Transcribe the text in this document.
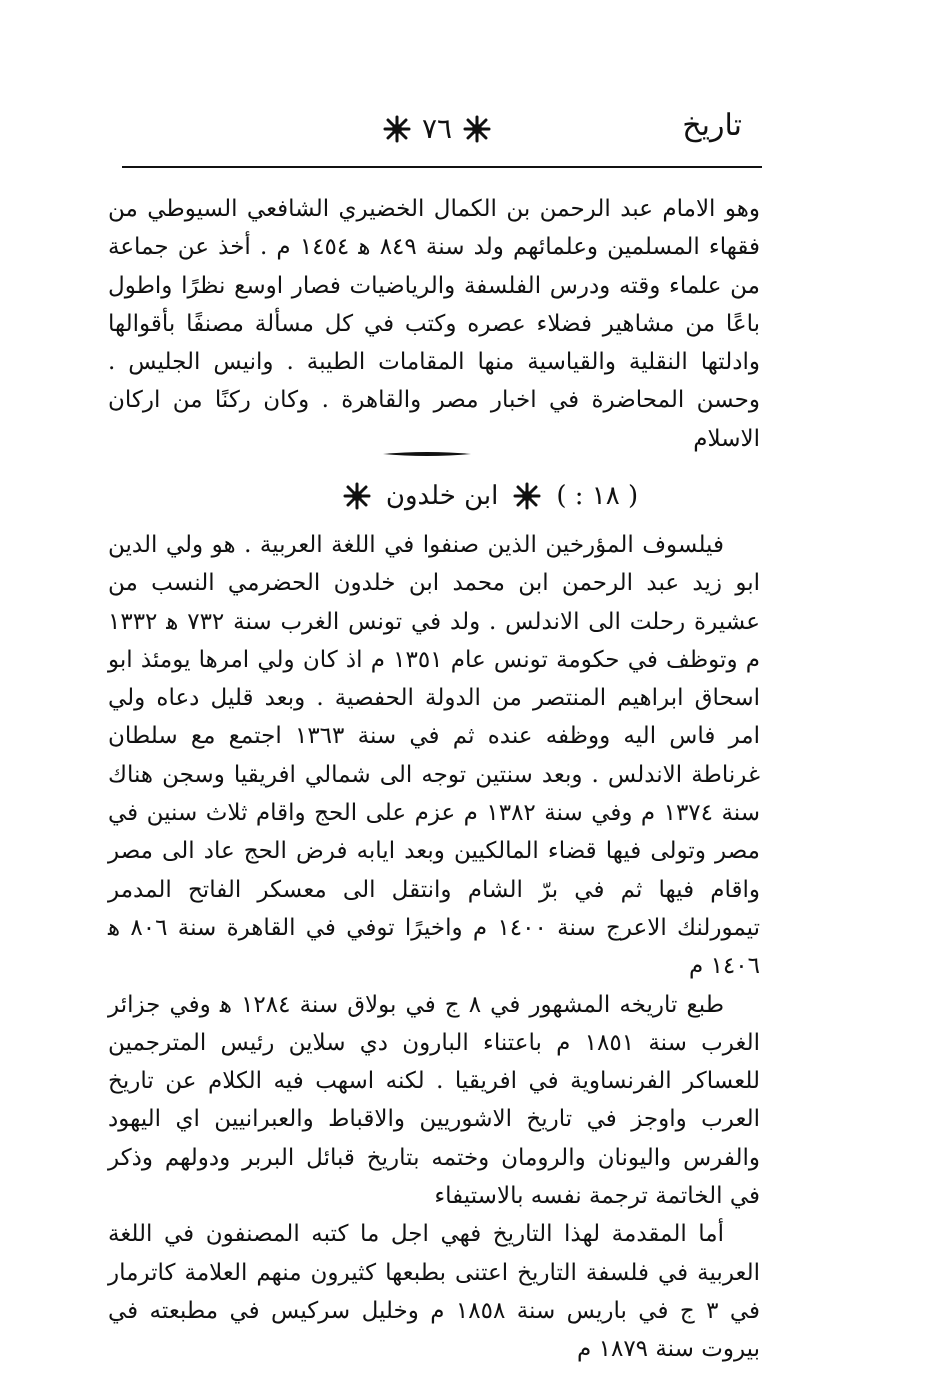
تاريخ
٧٦

وهو الامام عبد الرحمن بن الكمال الخضيري الشافعي السيوطي من فقهاء المسلمين وعلمائهم ولد سنة ٨٤٩ ﻫ ١٤٥٤ م . أخذ عن جماعة من علماء وقته ودرس الفلسفة والرياضيات فصار اوسع نظرًا واطول باعًا من مشاهير فضلاء عصره وكتب في كل مسألة مصنفًا بأقوالها وادلتها النقلية والقياسية منها المقامات الطيبة . وانيس الجليس . وحسن المحاضرة في اخبار مصر والقاهرة . وكان ركنًا من اركان الاسلام

( ١٨ : )
ابن خلدون

فيلسوف المؤرخين الذين صنفوا في اللغة العربية . هو ولي الدين ابو زيد عبد الرحمن ابن محمد ابن خلدون الحضرمي النسب من عشيرة رحلت الى الاندلس . ولد في تونس الغرب سنة ٧٣٢ ﻫ ١٣٣٢ م وتوظف في حكومة تونس عام ١٣٥١ م اذ كان ولي امرها يومئذ ابو اسحاق ابراهيم المنتصر من الدولة الحفصية . وبعد قليل دعاه ولي امر فاس اليه ووظفه عنده ثم في سنة ١٣٦٣ اجتمع مع سلطان غرناطة الاندلس . وبعد سنتين توجه الى شمالي افريقيا وسجن هناك سنة ١٣٧٤ م وفي سنة ١٣٨٢ م عزم على الحج واقام ثلاث سنين في مصر وتولى فيها قضاء المالكيين وبعد ايابه فرض الحج عاد الى مصر واقام فيها ثم في برّ الشام وانتقل الى معسكر الفاتح المدمر تيمورلنك الاعرج سنة ١٤٠٠ م واخيرًا توفي في القاهرة سنة ٨٠٦ ﻫ ١٤٠٦ م

طبع تاريخه المشهور في ٨ ج في بولاق سنة ١٢٨٤ ﻫ وفي جزائر الغرب سنة ١٨٥١ م باعتناء البارون دي سلاين رئيس المترجمين للعساكر الفرنساوية في افريقيا . لكنه اسهب فيه الكلام عن تاريخ العرب واوجز في تاريخ الاشوريين والاقباط والعبرانيين اي اليهود والفرس واليونان والرومان وختمه بتاريخ قبائل البربر ودولهم وذكر في الخاتمة ترجمة نفسه بالاستيفاء

أما المقدمة لهذا التاريخ فهي اجل ما كتبه المصنفون في اللغة العربية في فلسفة التاريخ اعتنى بطبعها كثيرون منهم العلامة كاترمار في ٣ ج في باريس سنة ١٨٥٨ م وخليل سركيس في مطبعته في بيروت سنة ١٨٧٩ م
